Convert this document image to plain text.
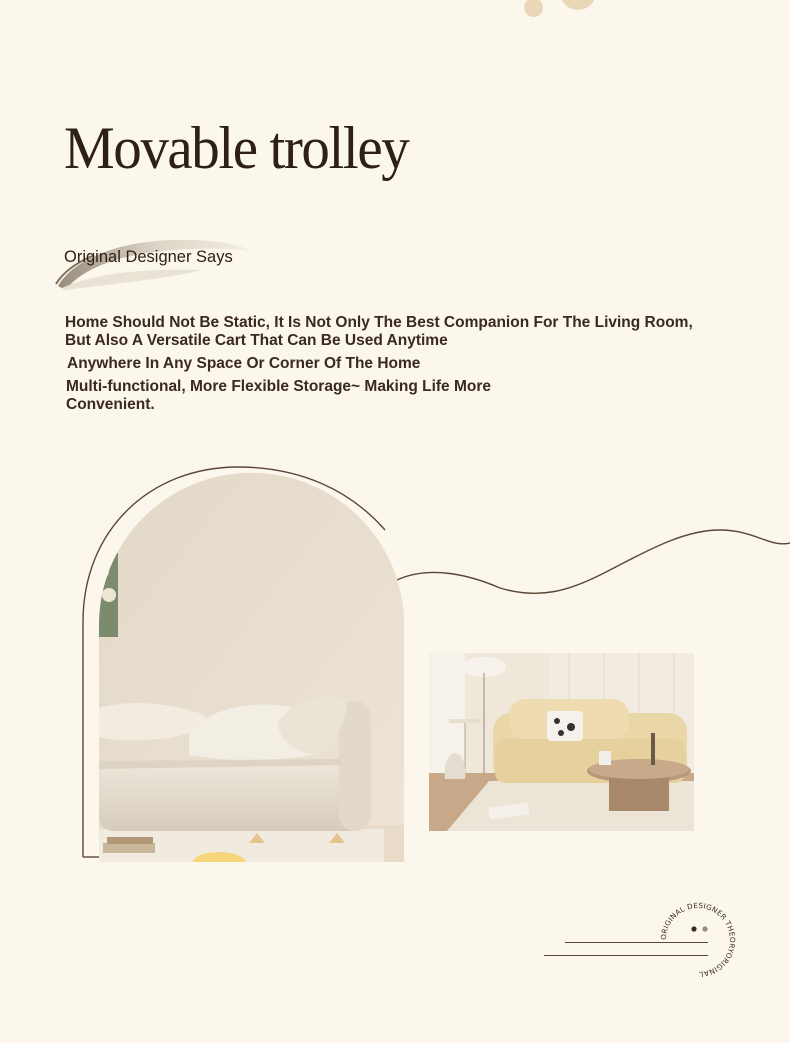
Movable trolley
Original Designer Says
Home Should Not Be Static, It Is Not Only The Best Companion For The Living Room,
But Also A Versatile Cart That Can Be Used Anytime
Anywhere In Any Space Or Corner Of The Home
Multi-functional, More Flexible Storage~ Making Life More
Convenient.
ORIGINAL DESIGNER THEORYORIGINAL
